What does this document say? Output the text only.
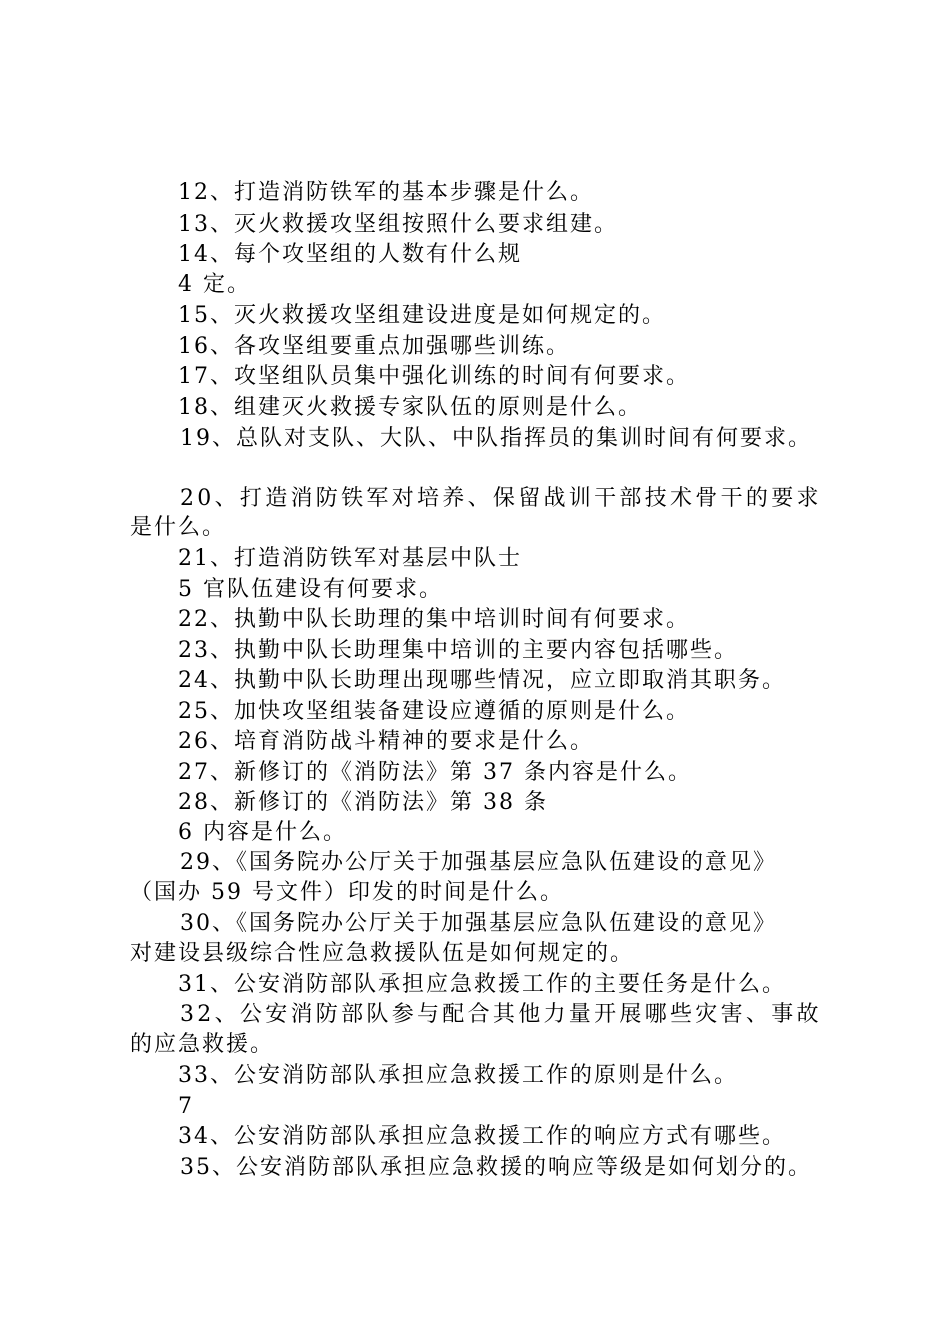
12、打造消防铁军的基本步骤是什么。
13、灭火救援攻坚组按照什么要求组建。
14、每个攻坚组的人数有什么规
4 定。
15、灭火救援攻坚组建设进度是如何规定的。
16、各攻坚组要重点加强哪些训练。
17、攻坚组队员集中强化训练的时间有何要求。
18、组建灭火救援专家队伍的原则是什么。
19、总队对支队、大队、中队指挥员的集训时间有何要求。
20、打造消防铁军对培养、保留战训干部技术骨干的要求
是什么。
21、打造消防铁军对基层中队士
5 官队伍建设有何要求。
22、执勤中队长助理的集中培训时间有何要求。
23、执勤中队长助理集中培训的主要内容包括哪些。
24、执勤中队长助理出现哪些情况，应立即取消其职务。
25、加快攻坚组装备建设应遵循的原则是什么。
26、培育消防战斗精神的要求是什么。
27、新修订的《消防法》第 37 条内容是什么。
28、新修订的《消防法》第 38 条
6 内容是什么。
29、《国务院办公厅关于加强基层应急队伍建设的意见》
（国办 59 号文件）印发的时间是什么。
30、《国务院办公厅关于加强基层应急队伍建设的意见》
对建设县级综合性应急救援队伍是如何规定的。
31、公安消防部队承担应急救援工作的主要任务是什么。
32、公安消防部队参与配合其他力量开展哪些灾害、事故
的应急救援。
33、公安消防部队承担应急救援工作的原则是什么。
7
34、公安消防部队承担应急救援工作的响应方式有哪些。
35、公安消防部队承担应急救援的响应等级是如何划分的。
